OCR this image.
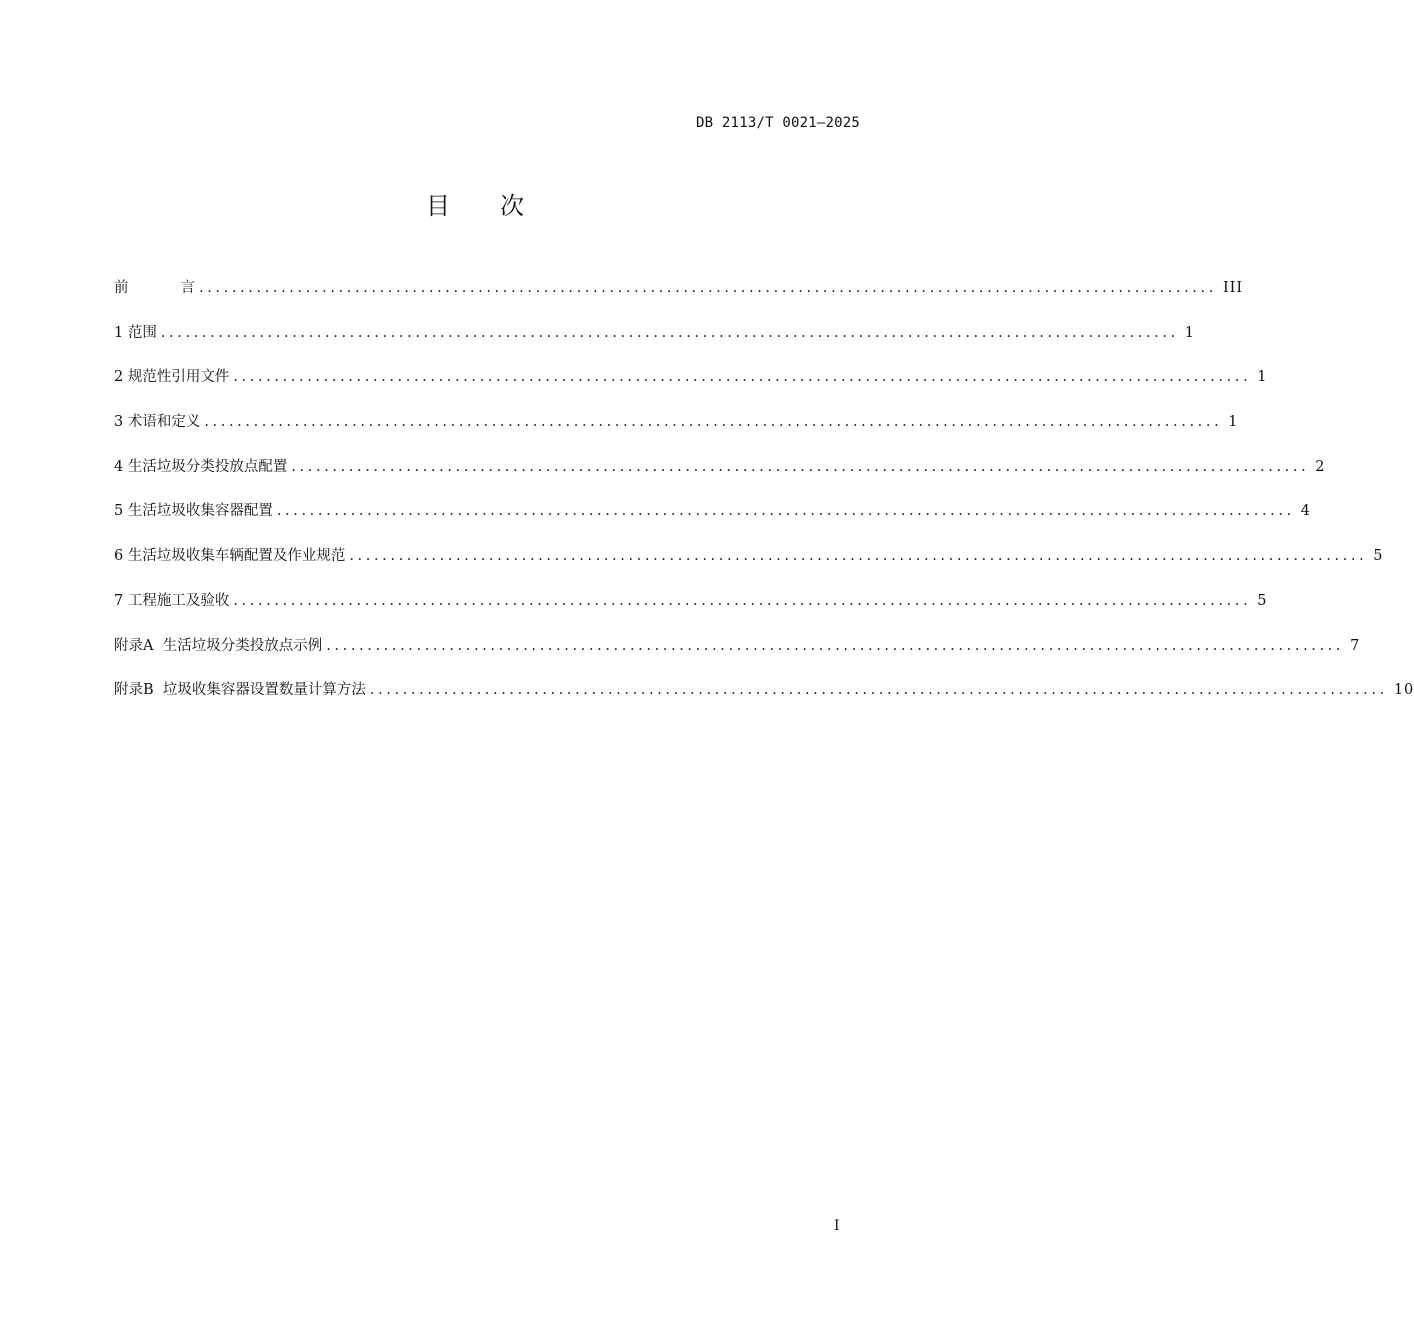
DB 2113/T 0021—2025
目 次
前	言 ............................................................................................................................ III
1 范围 ............................................................................................................................ 1
2 规范性引用文件 ............................................................................................................................ 1
3 术语和定义 ............................................................................................................................ 1
4 生活垃圾分类投放点配置 ............................................................................................................................ 2
5 生活垃圾收集容器配置 ............................................................................................................................ 4
6 生活垃圾收集车辆配置及作业规范 ............................................................................................................................ 5
7 工程施工及验收 ............................................................................................................................ 5
附录A  生活垃圾分类投放点示例 ............................................................................................................................ 7
附录B  垃圾收集容器设置数量计算方法 ............................................................................................................................ 10
I
